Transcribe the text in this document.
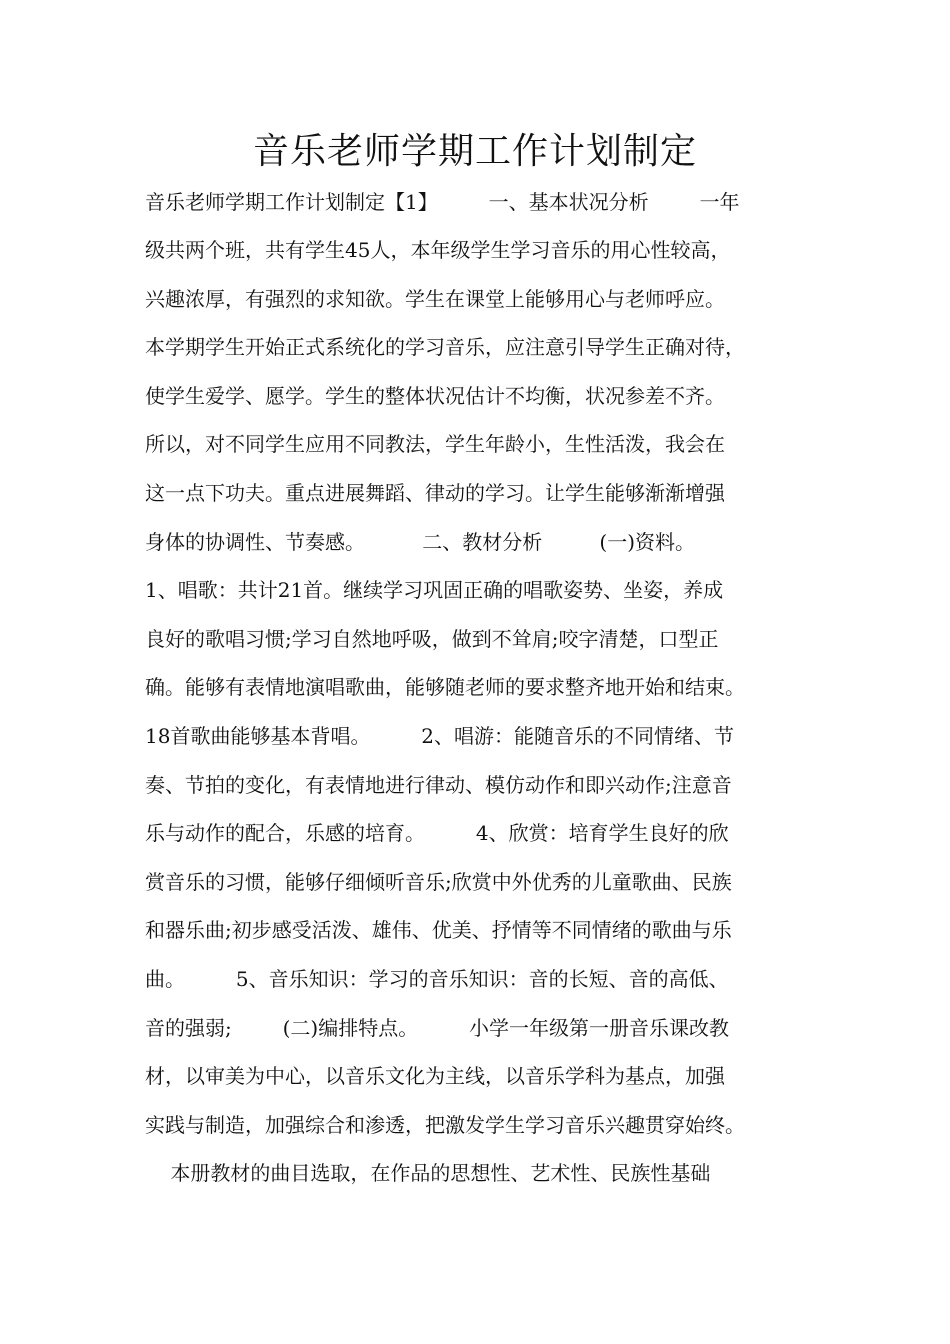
音乐老师学期工作计划制定
音乐老师学期工作计划制定【1】        一、基本状况分析        一年
级共两个班，共有学生45人，本年级学生学习音乐的用心性较高，
兴趣浓厚，有强烈的求知欲。学生在课堂上能够用心与老师呼应。
本学期学生开始正式系统化的学习音乐，应注意引导学生正确对待，
使学生爱学、愿学。学生的整体状况估计不均衡，状况参差不齐。
所以，对不同学生应用不同教法，学生年龄小，生性活泼，我会在
这一点下功夫。重点进展舞蹈、律动的学习。让学生能够渐渐增强
身体的协调性、节奏感。         二、教材分析         (一)资料。
1、唱歌：共计21首。继续学习巩固正确的唱歌姿势、坐姿，养成
良好的歌唱习惯;学习自然地呼吸，做到不耸肩;咬字清楚，口型正
确。能够有表情地演唱歌曲，能够随老师的要求整齐地开始和结束。
18首歌曲能够基本背唱。        2、唱游：能随音乐的不同情绪、节
奏、节拍的变化，有表情地进行律动、模仿动作和即兴动作;注意音
乐与动作的配合，乐感的培育。        4、欣赏：培育学生良好的欣
赏音乐的习惯，能够仔细倾听音乐;欣赏中外优秀的儿童歌曲、民族
和器乐曲;初步感受活泼、雄伟、优美、抒情等不同情绪的歌曲与乐
曲。        5、音乐知识：学习的音乐知识：音的长短、音的高低、
音的强弱;        (二)编排特点。        小学一年级第一册音乐课改教
材，以审美为中心，以音乐文化为主线，以音乐学科为基点，加强
实践与制造，加强综合和渗透，把激发学生学习音乐兴趣贯穿始终。
本册教材的曲目选取，在作品的思想性、艺术性、民族性基础
